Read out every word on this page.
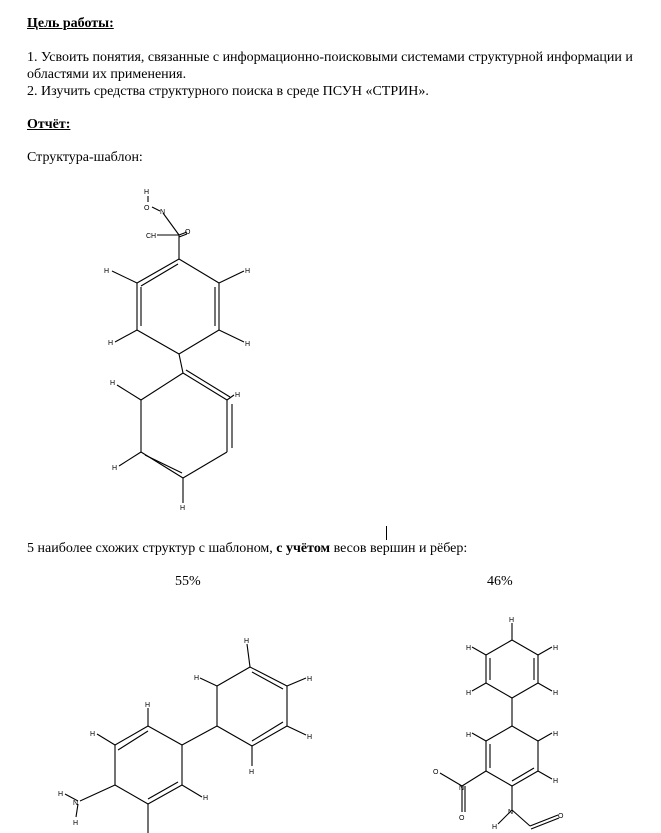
Цель работы:
1. Усвоить понятия, связанные с информационно-поисковыми системами структурной информации и
областями их применения.
2. Изучить средства структурного поиска в среде ПСУН «СТРИН».
Отчёт:
Структура-шаблон:
5 наиболее схожих структур с шаблоном, с учётом весов вершин и рёбер:
55%	46%
H
O
N
O
CH
H	H
H
H
H
H
H
H
H
H	H
H
H
H
H
H
H
N
H
H
H
H
H
H
H
H
H
O
N
O
N
H
O
